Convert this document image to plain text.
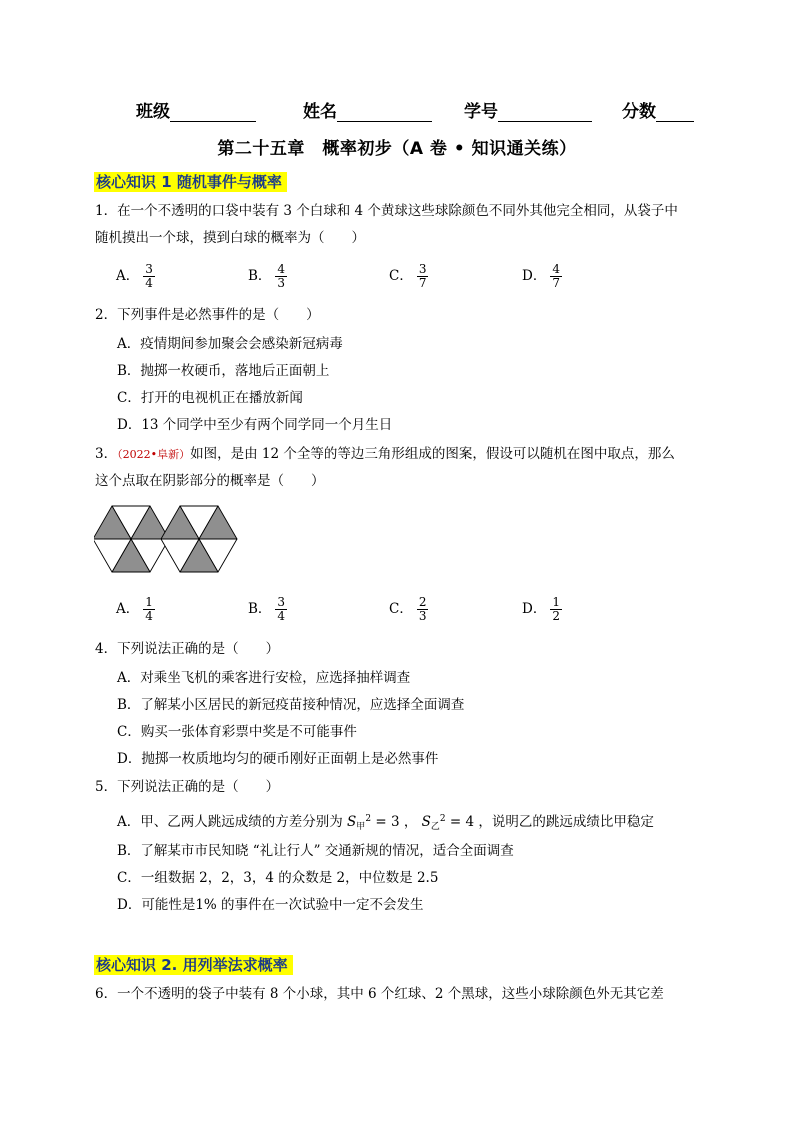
班级	姓名	学号	分数
第二十五章　概率初步（A 卷 • 知识通关练）
核心知识 1 随机事件与概率
1．在一个不透明的口袋中装有 3 个白球和 4 个黄球这些球除颜色不同外其他完全相同，从袋子中
随机摸出一个球，摸到白球的概率为（　　）
A． $\frac{3}{4}$	B． $\frac{4}{3}$	C． $\frac{3}{7}$	D． $\frac{4}{7}$
2．下列事件是必然事件的是（　　）
A．疫情期间参加聚会会感染新冠病毒
B．抛掷一枚硬币，落地后正面朝上
C．打开的电视机正在播放新闻
D．13 个同学中至少有两个同学同一个月生日
3．（2022•阜新）如图，是由 12 个全等的等边三角形组成的图案，假设可以随机在图中取点，那么
这个点取在阴影部分的概率是（　　）
A． $\frac{1}{4}$	B． $\frac{3}{4}$	C． $\frac{2}{3}$	D． $\frac{1}{2}$
4．下列说法正确的是（　　）
A．对乘坐飞机的乘客进行安检，应选择抽样调查
B．了解某小区居民的新冠疫苗接种情况，应选择全面调查
C．购买一张体育彩票中奖是不可能事件
D．抛掷一枚质地均匀的硬币刚好正面朝上是必然事件
5．下列说法正确的是（　　）
A．甲、乙两人跳远成绩的方差分别为 $S_甲^2 = 3$ ， $S_乙^2 = 4$ ，说明乙的跳远成绩比甲稳定
B．了解某市市民知晓 “礼让行人” 交通新规的情况，适合全面调查
C．一组数据 2，2，3，4 的众数是 2，中位数是 2.5
D．可能性是1% 的事件在一次试验中一定不会发生
核心知识 2. 用列举法求概率
6．一个不透明的袋子中装有 8 个小球，其中 6 个红球、2 个黑球，这些小球除颜色外无其它差
